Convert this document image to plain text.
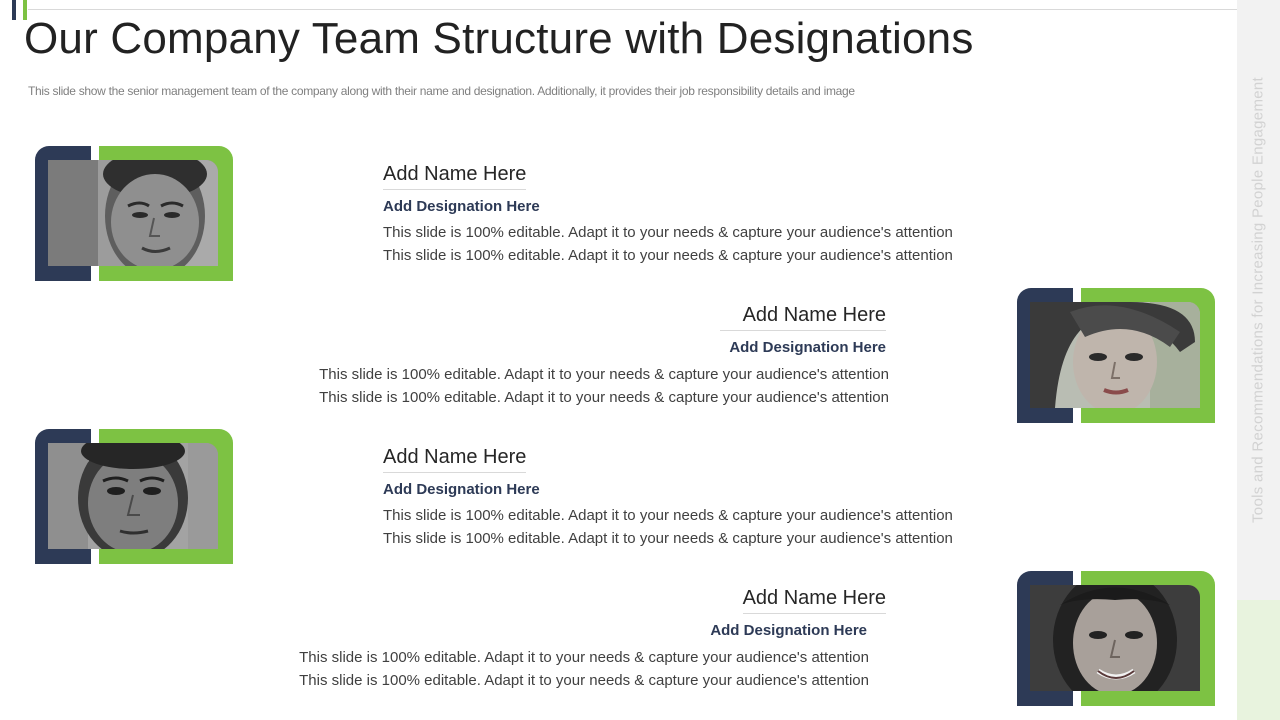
Our Company Team Structure with Designations
This slide show the senior management team of the company along with their name and designation. Additionally, it provides their job responsibility details and image	Tools and Recommendations for Increasing People Engagement
Add Name Here
Add Designation Here
This slide is 100% editable. Adapt it to your needs & capture your audience's attention
This slide is 100% editable. Adapt it to your needs & capture your audience's attention
Add Name Here
Add Designation Here
This slide is 100% editable. Adapt it to your needs & capture your audience's attention
This slide is 100% editable. Adapt it to your needs & capture your audience's attention
Add Name Here
Add Designation Here
This slide is 100% editable. Adapt it to your needs & capture your audience's attention
This slide is 100% editable. Adapt it to your needs & capture your audience's attention
Add Name Here
Add Designation Here
This slide is 100% editable. Adapt it to your needs & capture your audience's attention
This slide is 100% editable. Adapt it to your needs & capture your audience's attention
